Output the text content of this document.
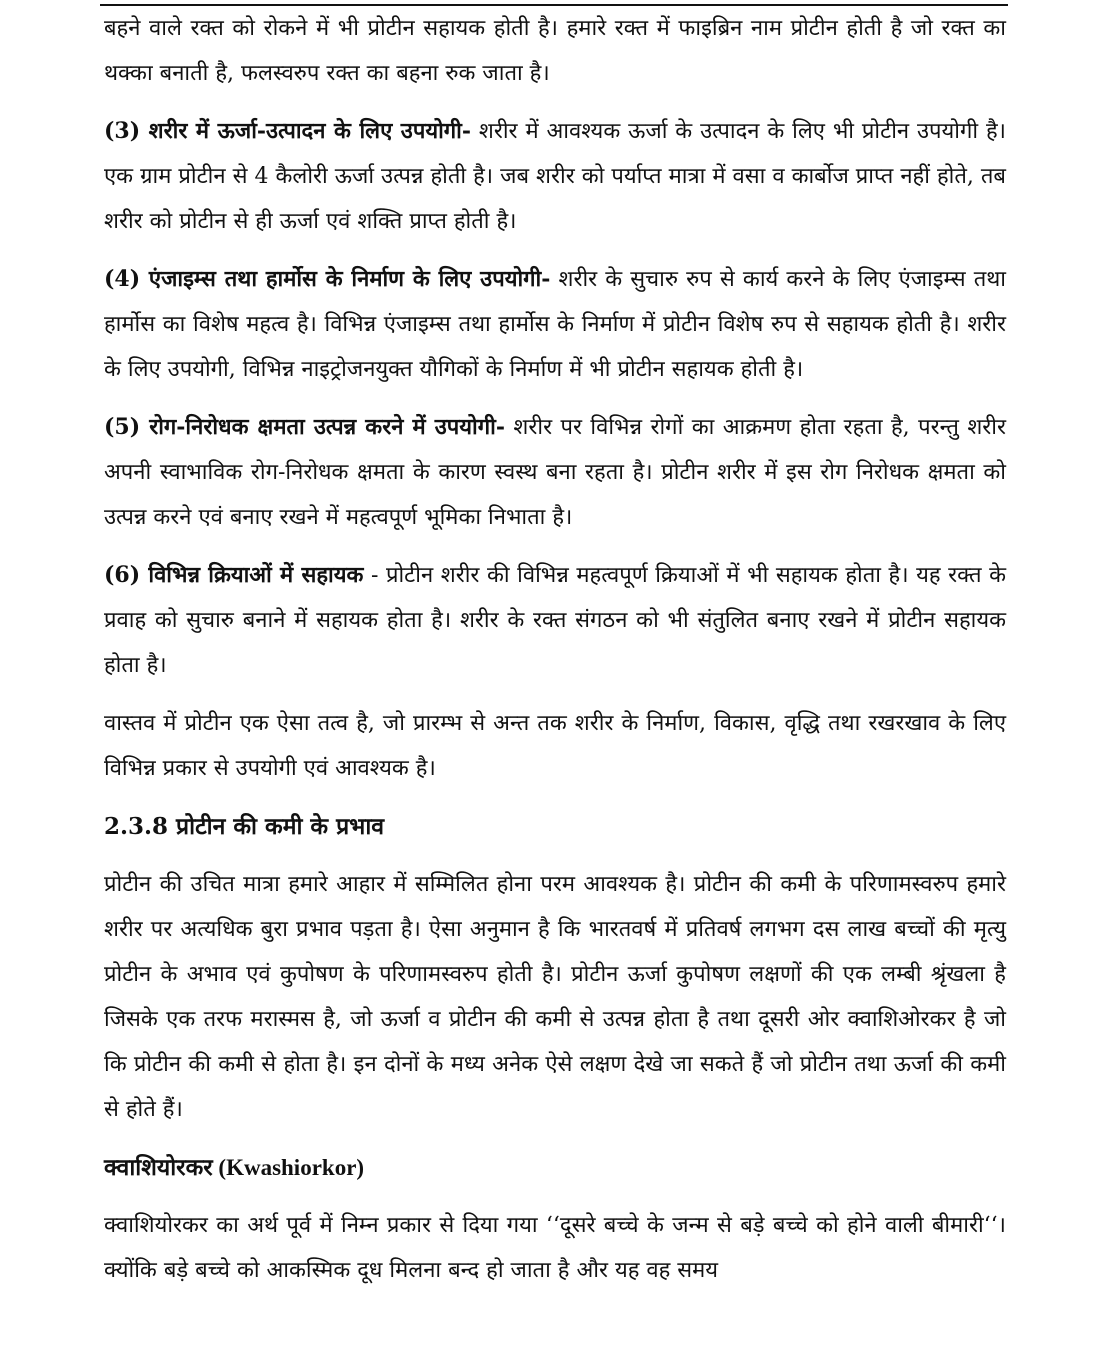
बहने वाले रक्त को रोकने में भी प्रोटीन सहायक होती है। हमारे रक्त में फाइब्रिन नाम प्रोटीन होती है जो रक्त का थक्का बनाती है, फलस्वरुप रक्त का बहना रुक जाता है।

(3) शरीर में ऊर्जा-उत्पादन के लिए उपयोगी- शरीर में आवश्यक ऊर्जा के उत्पादन के लिए भी प्रोटीन उपयोगी है। एक ग्राम प्रोटीन से 4 कैलोरी ऊर्जा उत्पन्न होती है। जब शरीर को पर्याप्त मात्रा में वसा व कार्बोज प्राप्त नहीं होते, तब शरीर को प्रोटीन से ही ऊर्जा एवं शक्ति प्राप्त होती है।

(4) एंजाइम्स तथा हार्मोस के निर्माण के लिए उपयोगी- शरीर के सुचारु रुप से कार्य करने के लिए एंजाइम्स तथा हार्मोस का विशेष महत्व है। विभिन्न एंजाइम्स तथा हार्मोस के निर्माण में प्रोटीन विशेष रुप से सहायक होती है। शरीर के लिए उपयोगी, विभिन्न नाइट्रोजनयुक्त यौगिकों के निर्माण में भी प्रोटीन सहायक होती है।

(5) रोग-निरोधक क्षमता उत्पन्न करने में उपयोगी- शरीर पर विभिन्न रोगों का आक्रमण होता रहता है, परन्तु शरीर अपनी स्वाभाविक रोग-निरोधक क्षमता के कारण स्वस्थ बना रहता है। प्रोटीन शरीर में इस रोग निरोधक क्षमता को उत्पन्न करने एवं बनाए रखने में महत्वपूर्ण भूमिका निभाता है।

(6) विभिन्न क्रियाओं में सहायक - प्रोटीन शरीर की विभिन्न महत्वपूर्ण क्रियाओं में भी सहायक होता है। यह रक्त के प्रवाह को सुचारु बनाने में सहायक होता है। शरीर के रक्त संगठन को भी संतुलित बनाए रखने में प्रोटीन सहायक होता है।

वास्तव में प्रोटीन एक ऐसा तत्व है, जो प्रारम्भ से अन्त तक शरीर के निर्माण, विकास, वृद्धि तथा रखरखाव के लिए विभिन्न प्रकार से उपयोगी एवं आवश्यक है।

2.3.8 प्रोटीन की कमी के प्रभाव

प्रोटीन की उचित मात्रा हमारे आहार में सम्मिलित होना परम आवश्यक है। प्रोटीन की कमी के परिणामस्वरुप हमारे शरीर पर अत्यधिक बुरा प्रभाव पड़ता है। ऐसा अनुमान है कि भारतवर्ष में प्रतिवर्ष लगभग दस लाख बच्चों की मृत्यु प्रोटीन के अभाव एवं कुपोषण के परिणामस्वरुप होती है। प्रोटीन ऊर्जा कुपोषण लक्षणों की एक लम्बी श्रृंखला है जिसके एक तरफ मरास्मस है, जो ऊर्जा व प्रोटीन की कमी से उत्पन्न होता है तथा दूसरी ओर क्वाशिओरकर है जो कि प्रोटीन की कमी से होता है। इन दोनों के मध्य अनेक ऐसे लक्षण देखे जा सकते हैं जो प्रोटीन तथा ऊर्जा की कमी से होते हैं।

क्वाशियोरकर (Kwashiorkor)

क्वाशियोरकर का अर्थ पूर्व में निम्न प्रकार से दिया गया ‘‘दूसरे बच्चे के जन्म से बड़े बच्चे को होने वाली बीमारी‘‘। क्योंकि बड़े बच्चे को आकस्मिक दूध मिलना बन्द हो जाता है और यह वह समय
